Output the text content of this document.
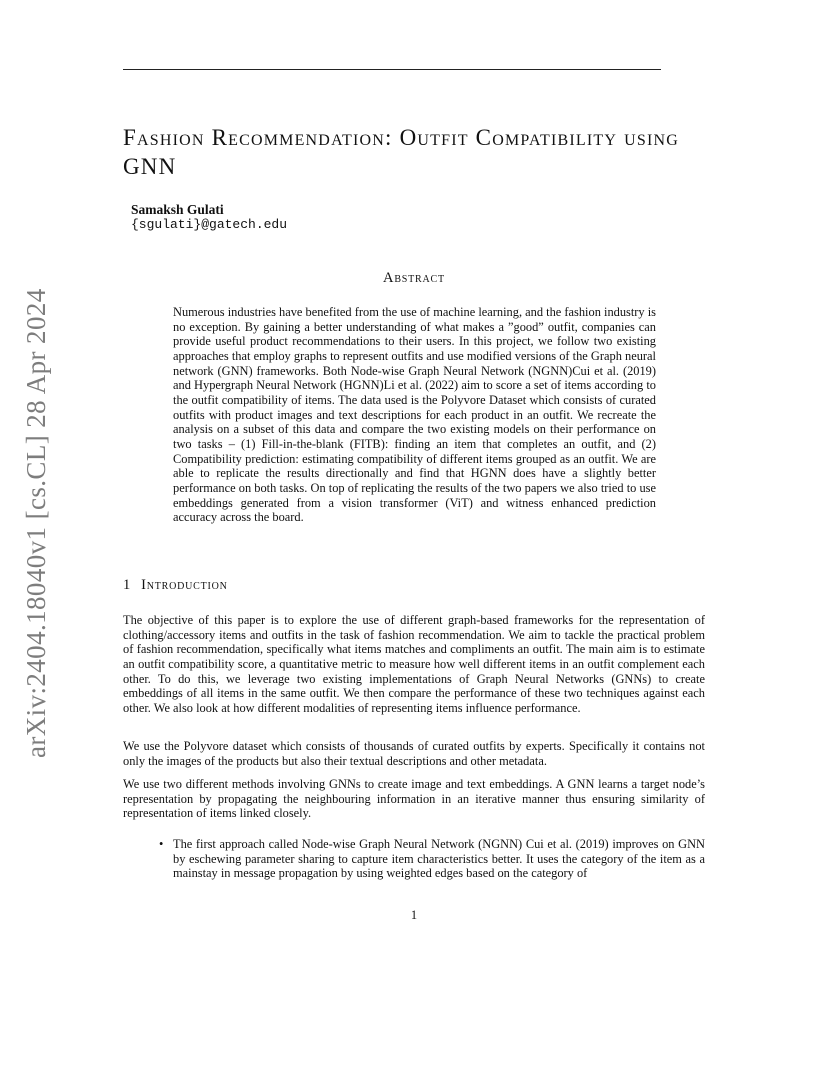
arXiv:2404.18040v1 [cs.CL] 28 Apr 2024
Fashion Recommendation: Outfit Compatibility using GNN
Samaksh Gulati
{sgulati}@gatech.edu
Abstract

Numerous industries have benefited from the use of machine learning, and the fashion industry is no exception. By gaining a better understanding of what makes a ”good” outfit, companies can provide useful product recommendations to their users. In this project, we follow two existing approaches that employ graphs to represent outfits and use modified versions of the Graph neural network (GNN) frameworks. Both Node-wise Graph Neural Network (NGNN)Cui et al. (2019) and Hypergraph Neural Network (HGNN)Li et al. (2022) aim to score a set of items according to the outfit compatibility of items. The data used is the Polyvore Dataset which consists of curated outfits with product images and text descriptions for each product in an outfit. We recreate the analysis on a subset of this data and compare the two existing models on their performance on two tasks – (1) Fill-in-the-blank (FITB): finding an item that completes an outfit, and (2) Compatibility prediction: estimating compatibility of different items grouped as an outfit. We are able to replicate the results directionally and find that HGNN does have a slightly better performance on both tasks. On top of replicating the results of the two papers we also tried to use embeddings generated from a vision transformer (ViT) and witness enhanced prediction accuracy across the board.

1 Introduction

The objective of this paper is to explore the use of different graph-based frameworks for the representation of clothing/accessory items and outfits in the task of fashion recommendation. We aim to tackle the practical problem of fashion recommendation, specifically what items matches and compliments an outfit. The main aim is to estimate an outfit compatibility score, a quantitative metric to measure how well different items in an outfit complement each other. To do this, we leverage two existing implementations of Graph Neural Networks (GNNs) to create embeddings of all items in the same outfit. We then compare the performance of these two techniques against each other. We also look at how different modalities of representing items influence performance.

We use the Polyvore dataset which consists of thousands of curated outfits by experts. Specifically it contains not only the images of the products but also their textual descriptions and other metadata.

We use two different methods involving GNNs to create image and text embeddings. A GNN learns a target node’s representation by propagating the neighbouring information in an iterative manner thus ensuring similarity of representation of items linked closely.

• The first approach called Node-wise Graph Neural Network (NGNN) Cui et al. (2019) improves on GNN by eschewing parameter sharing to capture item characteristics better. It uses the category of the item as a mainstay in message propagation by using weighted edges based on the category of

1
